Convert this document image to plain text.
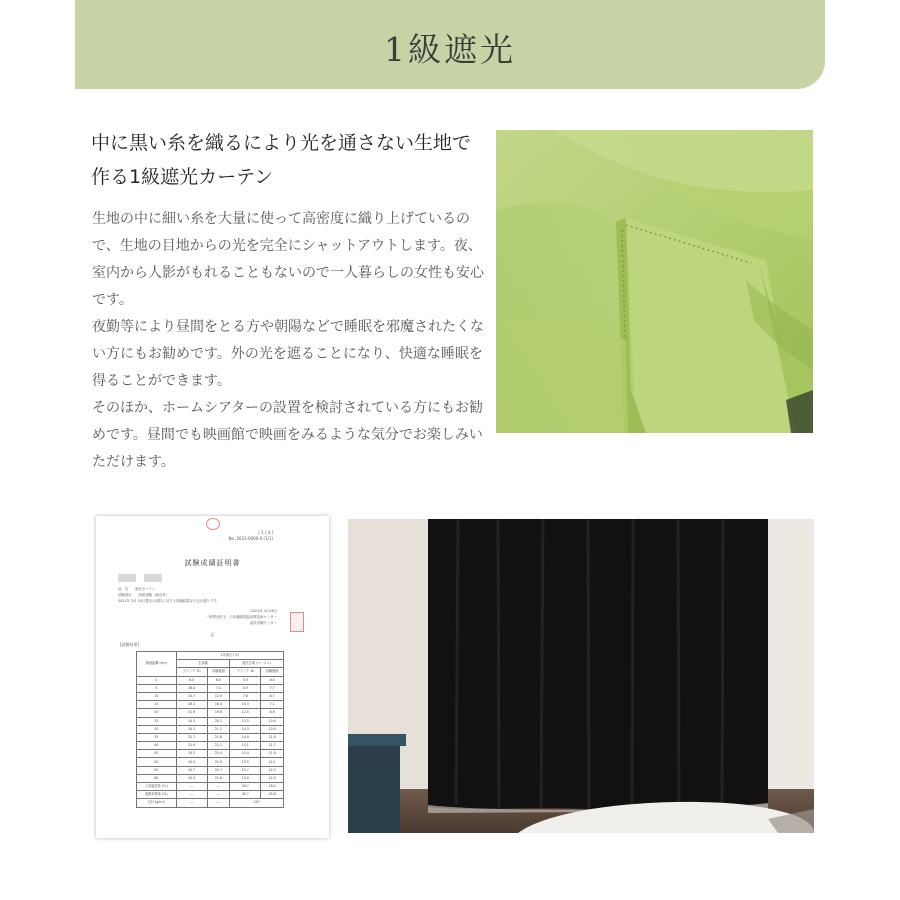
1級遮光
中に黒い糸を織るにより光を通さない生地で
作る1級遮光カーテン

生地の中に細い糸を大量に使って高密度に織り上げているので、生地の目地からの光を完全にシャットアウトします。夜、室内から人影がもれることもないので一人暮らしの女性も安心です。

夜勤等により昼間をとる方や朝陽などで睡眠を邪魔されたくない方にもお勧めです。外の光を遮ることになり、快適な睡眠を得ることができます。

そのほか、ホームシアターの設置を検討されている方にもお勧めです。昼間でも映画館で映画をみるような気分でお楽しみいただけます。

[ 1 / 4 ]
No. 2021-0000-0 (1/1)
試験成績証明書
品　名　　遮光カーテン
試験項目　　照度試験（遮光率）
2021年 3月 10日提出の試料に対する試験結果は下記の通りです。
2021年 3月16日
一般財団法人　日本繊維製品品質技術センター
福井試験センター
記
[試験結果]
照射距離 (cm)	1年風合 (℃)			
	生試験		遮光生地 (ベージュ)	
	ブランク 1h	試験後照	ブランク 1h	試験後照
0	6.0	6.0	5.9	6.4
5	16.4	7.4	5.9	7.7
10	24.7	12.9	7.8	8.7
15	28.3	16.4	10.3	7.1
20	31.9	19.6	12.5	8.9
25	34.3	20.1	13.5	10.9
30	34.1	21.2	14.3	10.9
35	31.7	21.8	14.9	11.6
40	31.9	22.1	15.1	11.7
45	34.2	22.4	15.4	11.9
50	34.5	22.5	15.5	12.1
55	34.7	22.7	15.7	12.3
60	34.3	22.6	15.9	12.4
上昇温度差 (℃)	—	—	26.7	16.4
遮熱効果率 (%)	—	—	95.7	45.8
目付 (g/m²)	—	—	247	
